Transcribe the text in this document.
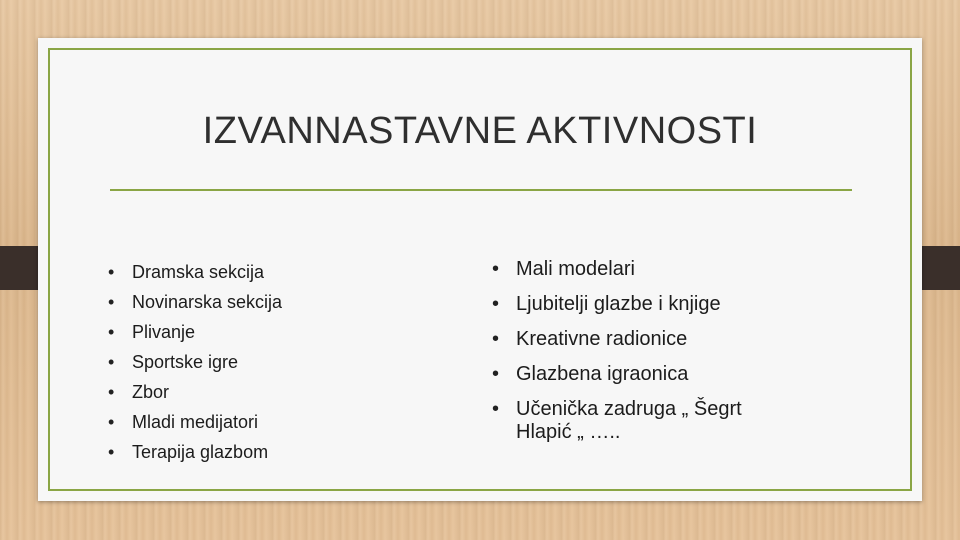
IZVANNASTAVNE AKTIVNOSTI
• Dramska sekcija
• Novinarska sekcija
• Plivanje
• Sportske igre
• Zbor
• Mladi medijatori
• Terapija glazbom
• Mali modelari
• Ljubitelji glazbe i knjige
• Kreativne radionice
• Glazbena igraonica
• Učenička zadruga „ Šegrt Hlapić „ …..
